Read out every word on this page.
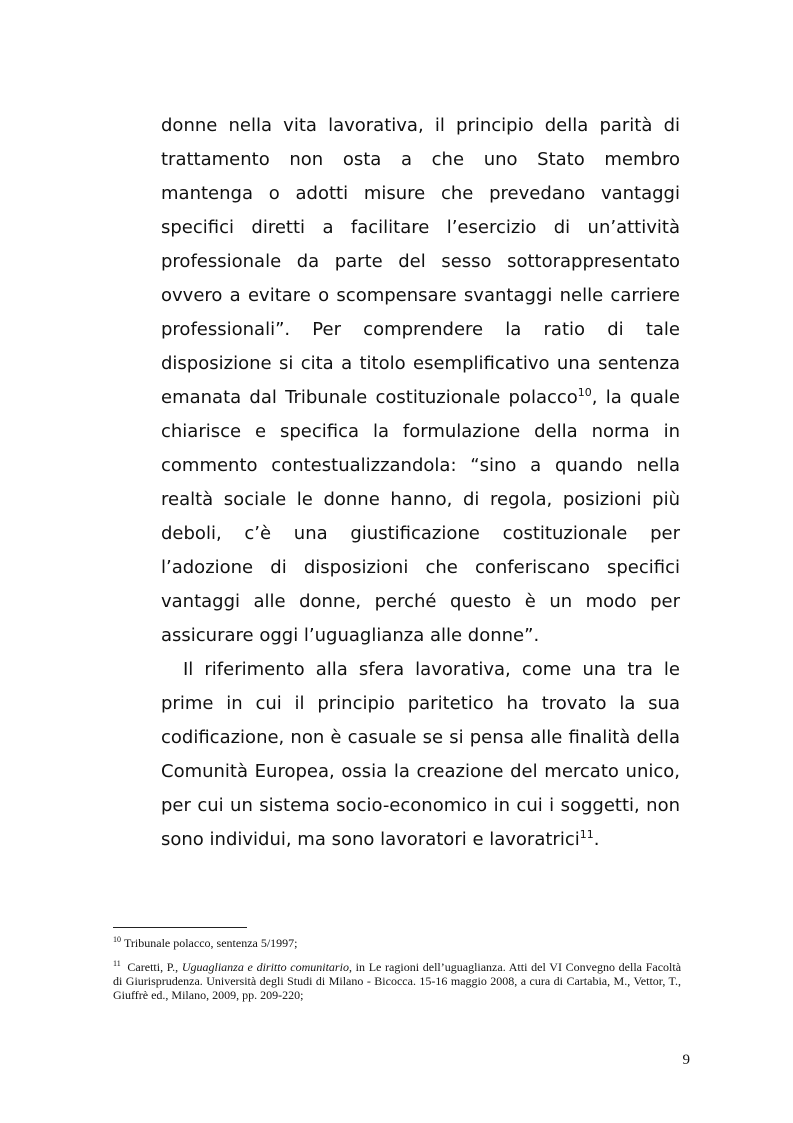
donne nella vita lavorativa, il principio della parità di trattamento non osta a che uno Stato membro mantenga o adotti misure che prevedano vantaggi specifici diretti a facilitare l’esercizio di un’attività professionale da parte del sesso sottorappresentato ovvero a evitare o scompensare svantaggi nelle carriere professionali”. Per comprendere la ratio di tale disposizione si cita a titolo esemplificativo una sentenza emanata dal Tribunale costituzionale polacco$^{10}$, la quale chiarisce e specifica la formulazione della norma in commento contestualizzandola: “sino a quando nella realtà sociale le donne hanno, di regola, posizioni più deboli, c’è una giustificazione costituzionale per l’adozione di disposizioni che conferiscano specifici vantaggi alle donne, perché questo è un modo per assicurare oggi l’uguaglianza alle donne”.

Il riferimento alla sfera lavorativa, come una tra le prime in cui il principio paritetico ha trovato la sua codificazione, non è casuale se si pensa alle finalità della Comunità Europea, ossia la creazione del mercato unico, per cui un sistema socio-economico in cui i soggetti, non sono individui, ma sono lavoratori e lavoratrici$^{11}$.

$^{10}$ Tribunale polacco, sentenza 5/1997;

$^{11}$ Caretti, P., Uguaglianza e diritto comunitario, in Le ragioni dell’uguaglianza. Atti del VI Convegno della Facoltà di Giurisprudenza. Università degli Studi di Milano - Bicocca. 15-16 maggio 2008, a cura di Cartabia, M., Vettor, T., Giuffrè ed., Milano, 2009, pp. 209-220;

9
